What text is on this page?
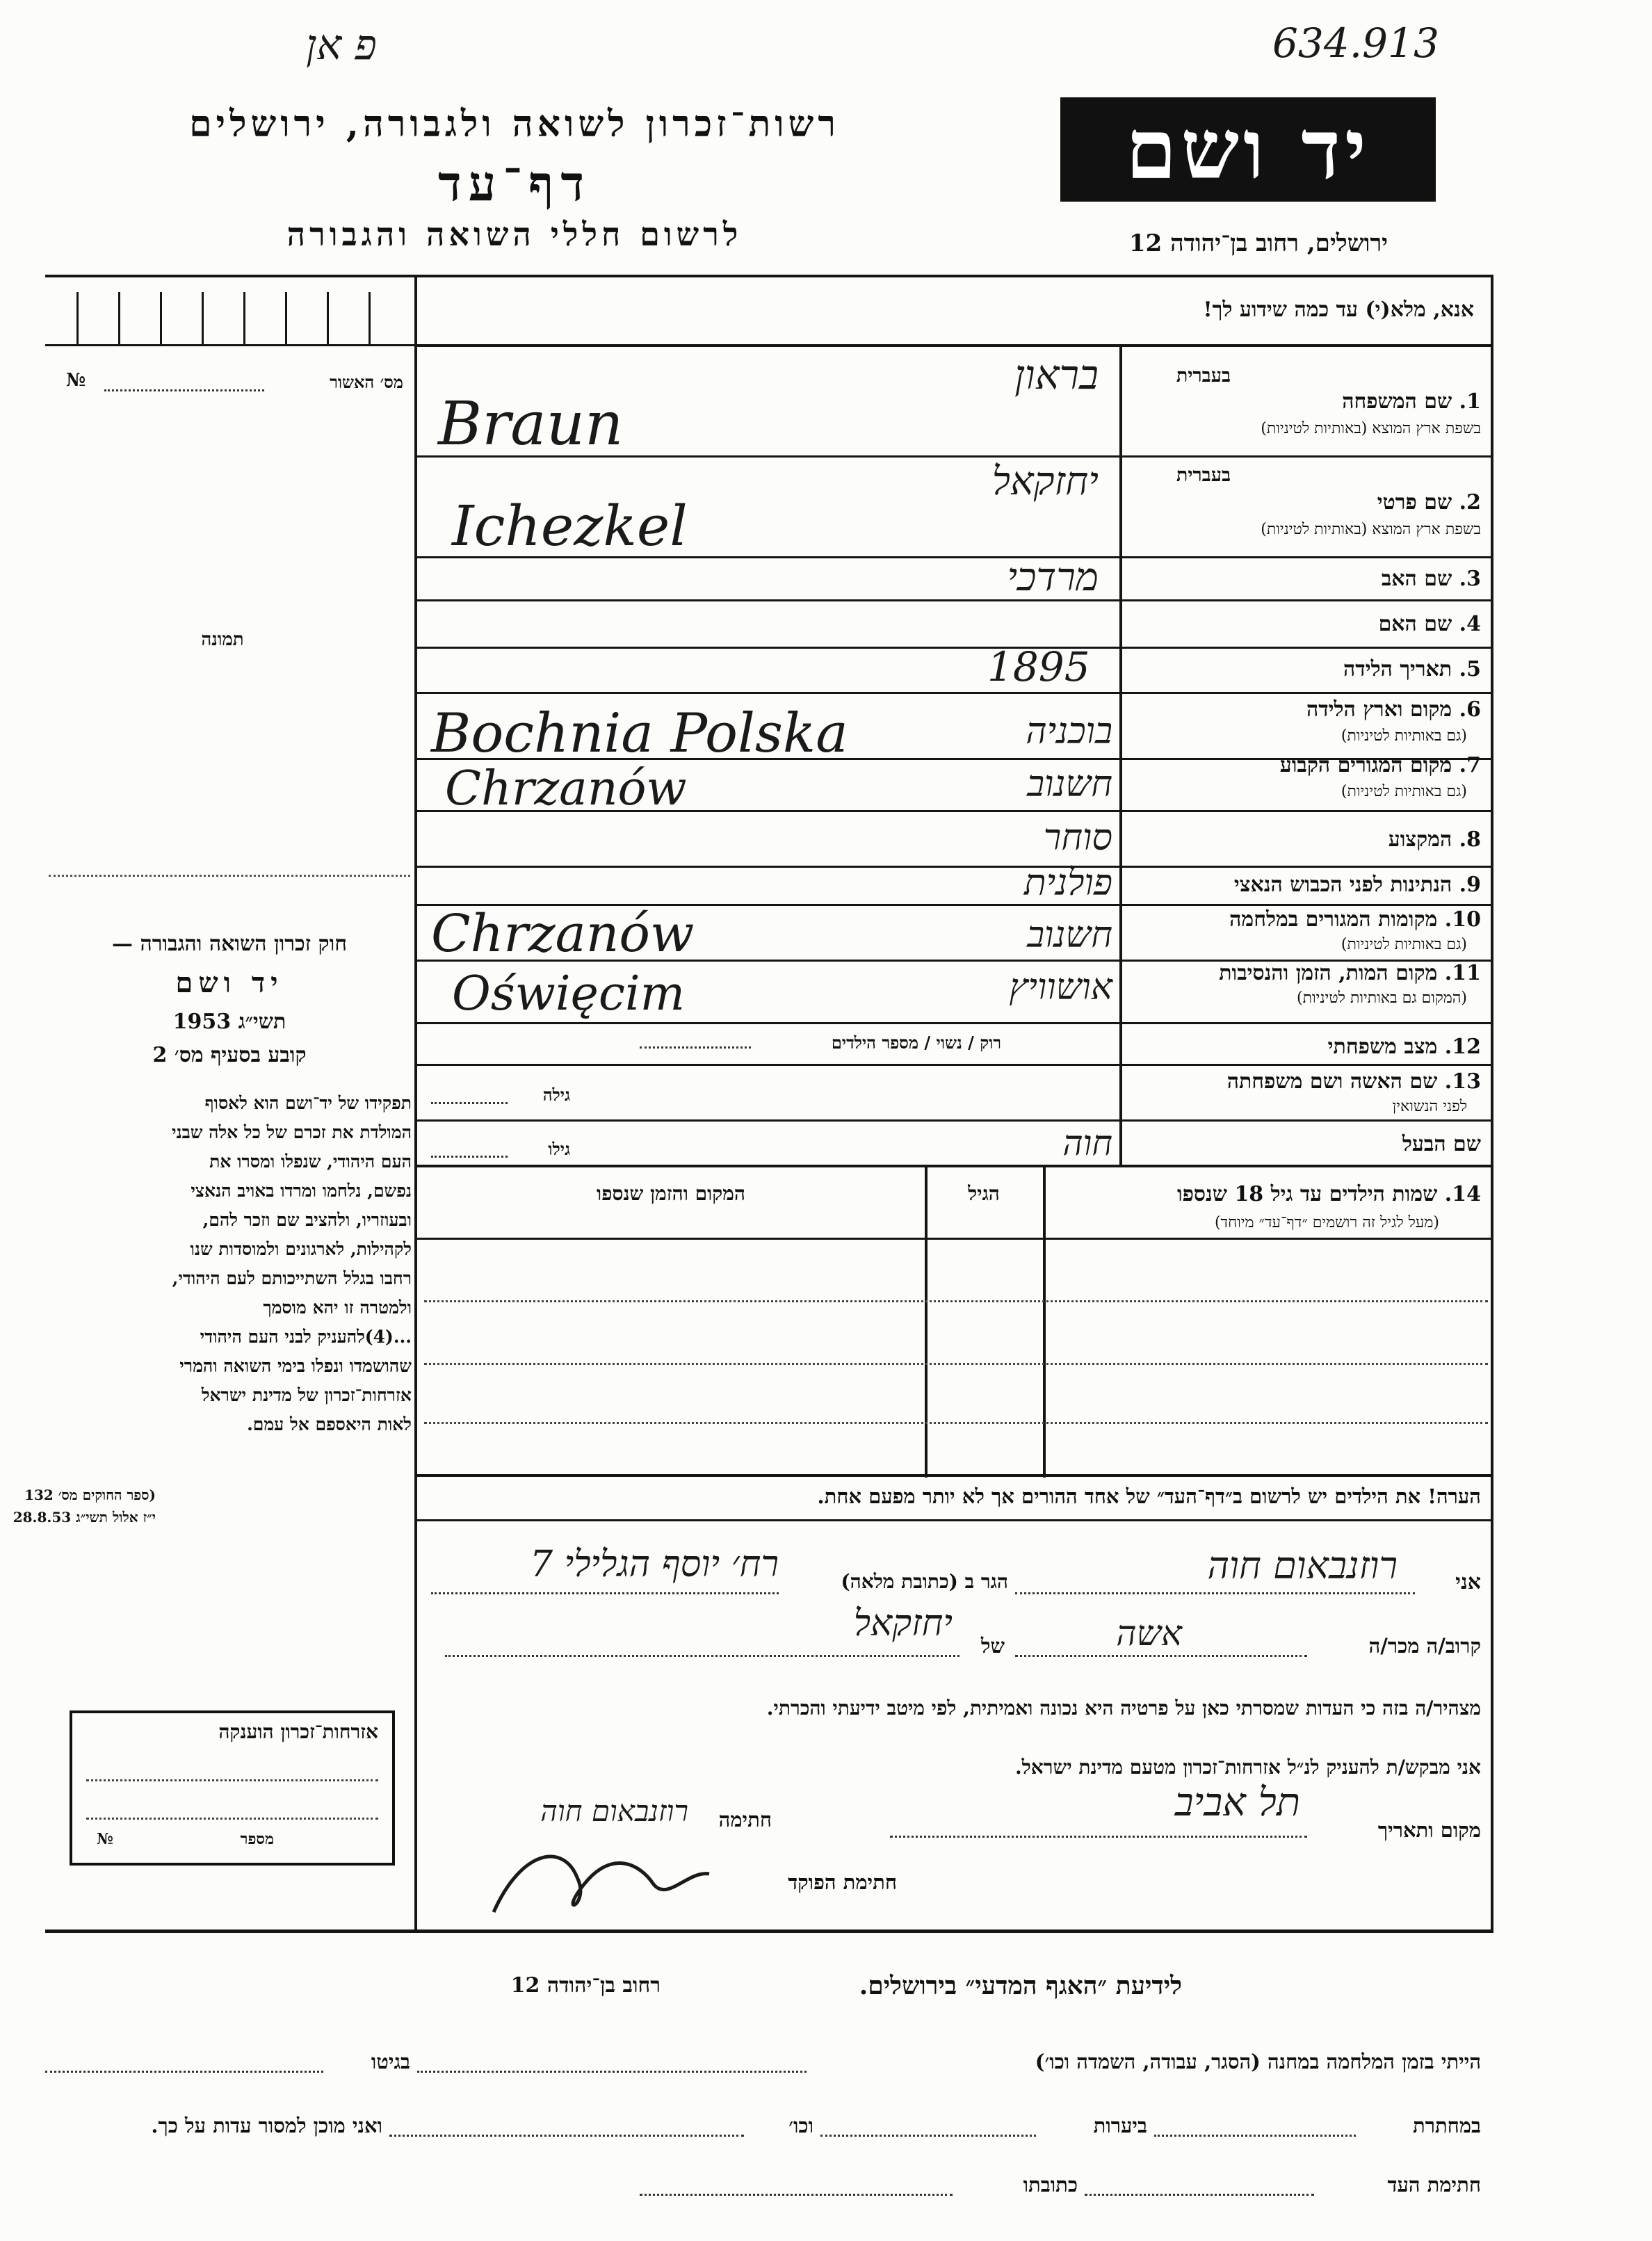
פ אן	634.913
רשות־זכרון לשואה ולגבורה, ירושלים
דף־עד
לרשום חללי השואה והגבורה
יד ושם
ירושלים, רחוב בן־יהודה 12
אנא, מלא(י) עד כמה שידוע לך!
מס׳ האשור
№
תמונה
חוק זכרון השואה והגבורה —
יד ושם
תשי״ג 1953
קובע בסעיף מס׳ 2
תפקידו של יד־ושם הוא לאסוף
המולדת את זכרם של כל אלה שבני
העם היהודי, שנפלו ומסרו את
נפשם, נלחמו ומרדו באויב הנאצי
ובעוזריו, ולהציב שם וזכר להם,
לקהילות, לארגונים ולמוסדות שנו
רחבו בגלל השתייכותם לעם היהודי,
ולמטרה זו יהא מוסמך
...(4)להעניק לבני העם היהודי
שהושמדו ונפלו בימי השואה והמרי
אזרחות־זכרון של מדינת ישראל
לאות היאספם אל עמם.
(ספר החוקים מס׳ 132
י״ז אלול תשי״ג 28.8.53
אזרחות־זכרון הוענקה
מספר
№
בעברית
1. שם המשפחה
בשפת ארץ המוצא (באותיות לטיניות)
בראון
Braun
בעברית
2. שם פרטי
בשפת ארץ המוצא (באותיות לטיניות)
יחזקאל
Ichezkel
3. שם האב
מרדכי
4. שם האם
5. תאריך הלידה
1895
6. מקום וארץ הלידה
(גם באותיות לטיניות)
בוכניה
Bochnia Polska
7. מקום המגורים הקבוע
(גם באותיות לטיניות)
חשנוב
Chrzanów
8. המקצוע
סוחר
9. הנתינות לפני הכבוש הנאצי
פולנית
10. מקומות המגורים במלחמה
(גם באותיות לטיניות)
חשנוב
Chrzanów
11. מקום המות, הזמן והנסיבות
(המקום גם באותיות לטיניות)
אושוויץ
Oświęcim
12. מצב משפחתי
רוק / נשוי / מספר הילדים
13. שם האשה ושם משפחתה
לפני הנשואין
גילה
שם הבעל
חוה
גילו
14. שמות הילדים עד גיל 18 שנספו
(מעל לגיל זה רושמים ״דף־עד״ מיוחד)
הגיל
המקום והזמן שנספו
הערה! את הילדים יש לרשום ב״דף־העד״ של אחד ההורים אך לא יותר מפעם אחת.
אני
רוזנבאום חוה
הגר ב (כתובת מלאה)
רח׳ יוסף הגלילי 7
קרוב/ה מכר/ה
אשה
של
יחזקאל
מצהיר/ה בזה כי העדות שמסרתי כאן על פרטיה היא נכונה ואמיתית, לפי מיטב ידיעתי והכרתי.
אני מבקש/ת להעניק לנ״ל אזרחות־זכרון מטעם מדינת ישראל.
מקום ותאריך
תל אביב
חתימה
רוזנבאום חוה
חתימת הפוקד
לידיעת ״האגף המדעי״ בירושלים.
רחוב בן־יהודה 12
הייתי בזמן המלחמה במחנה (הסגר, עבודה, השמדה וכו׳)
בגיטו
במחתרת
ביערות
וכו׳
ואני מוכן למסור עדות על כך.
חתימת העד
כתובתו
